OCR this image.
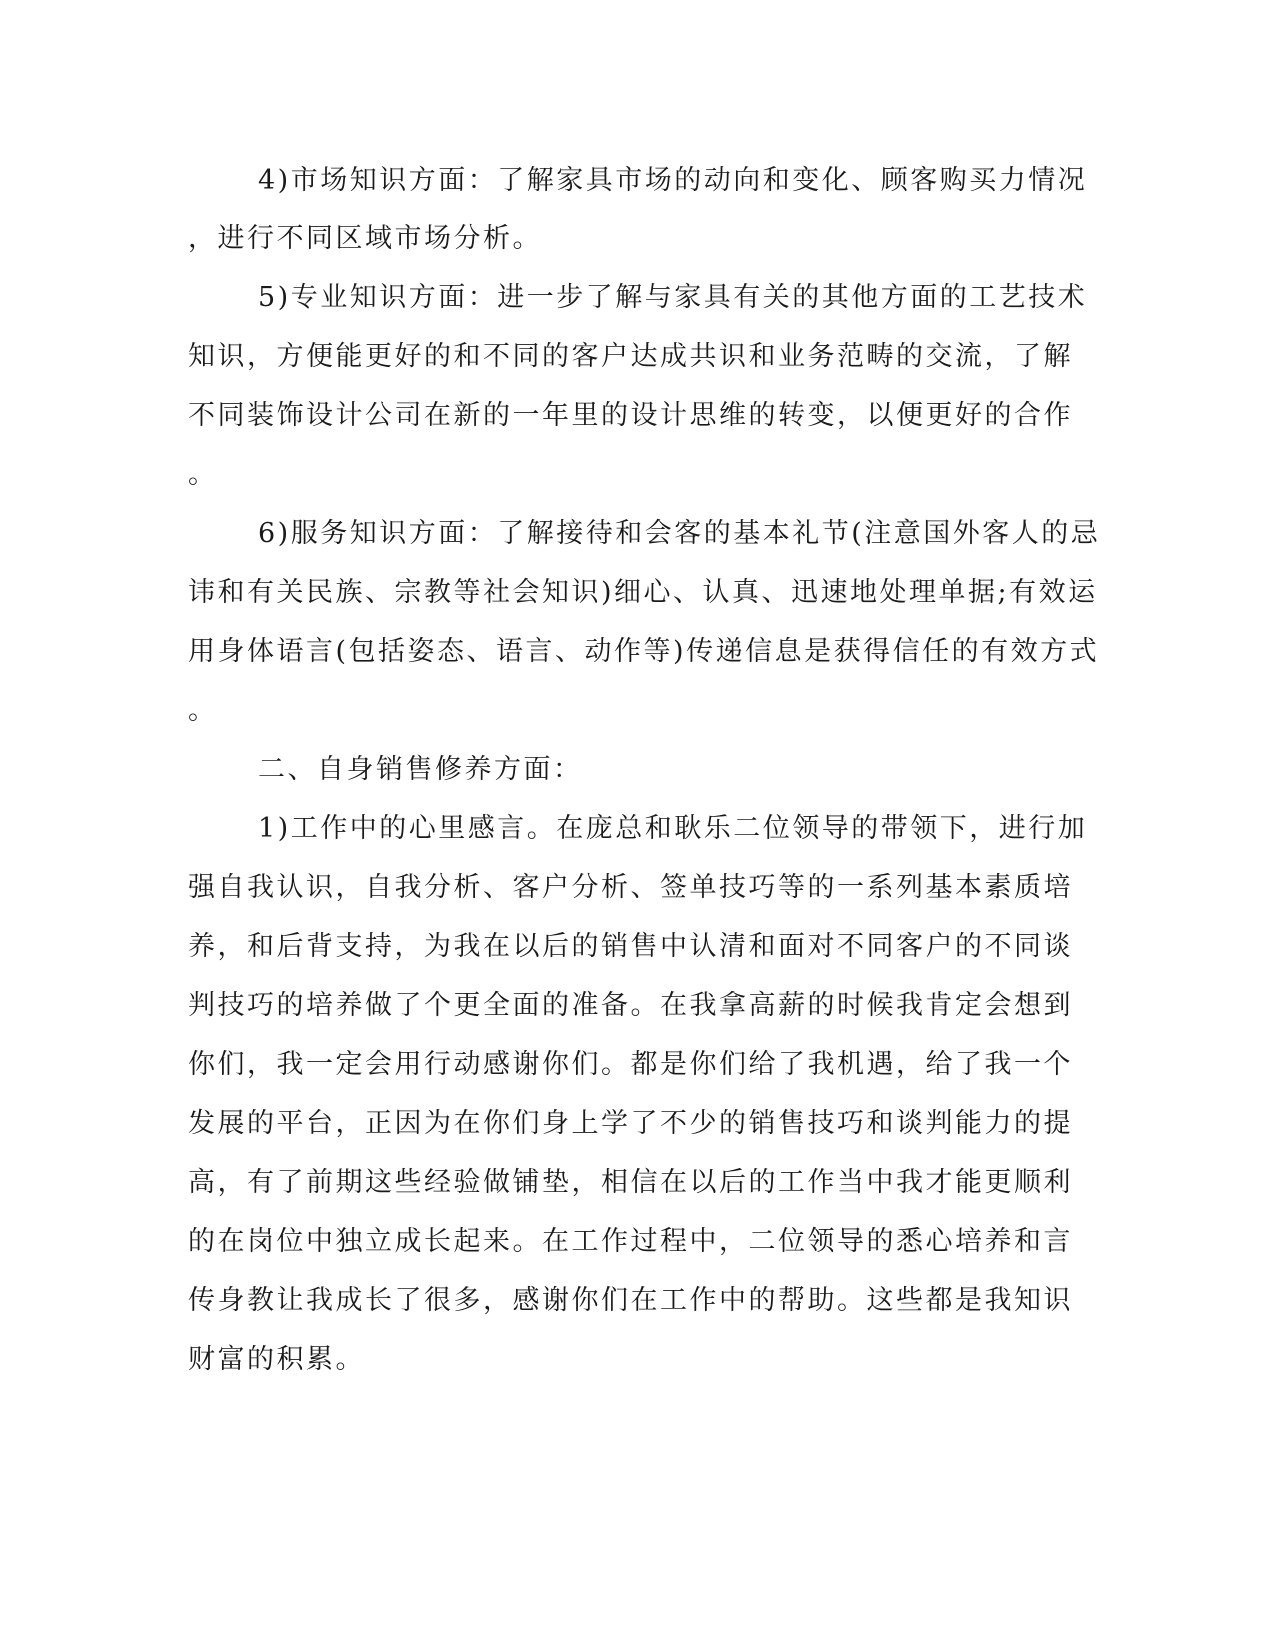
4)市场知识方面：了解家具市场的动向和变化、顾客购买力情况
，进行不同区域市场分析。
5)专业知识方面：进一步了解与家具有关的其他方面的工艺技术
知识，方便能更好的和不同的客户达成共识和业务范畴的交流，了解
不同装饰设计公司在新的一年里的设计思维的转变，以便更好的合作
。
6)服务知识方面：了解接待和会客的基本礼节(注意国外客人的忌
讳和有关民族、宗教等社会知识)细心、认真、迅速地处理单据;有效运
用身体语言(包括姿态、语言、动作等)传递信息是获得信任的有效方式
。
二、自身销售修养方面：
1)工作中的心里感言。在庞总和耿乐二位领导的带领下，进行加
强自我认识，自我分析、客户分析、签单技巧等的一系列基本素质培
养，和后背支持，为我在以后的销售中认清和面对不同客户的不同谈
判技巧的培养做了个更全面的准备。在我拿高薪的时候我肯定会想到
你们，我一定会用行动感谢你们。都是你们给了我机遇，给了我一个
发展的平台，正因为在你们身上学了不少的销售技巧和谈判能力的提
高，有了前期这些经验做铺垫，相信在以后的工作当中我才能更顺利
的在岗位中独立成长起来。在工作过程中，二位领导的悉心培养和言
传身教让我成长了很多，感谢你们在工作中的帮助。这些都是我知识
财富的积累。
